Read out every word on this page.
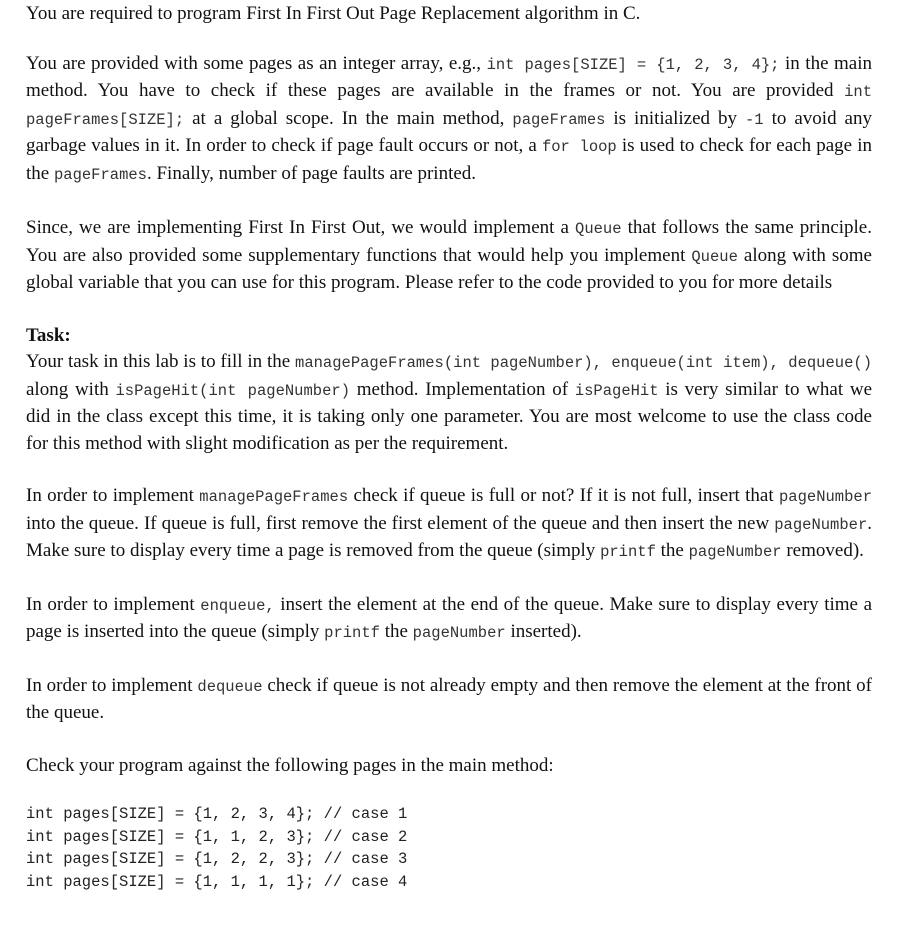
You are required to program First In First Out Page Replacement algorithm in C.

You are provided with some pages as an integer array, e.g., int pages[SIZE] = {1, 2, 3, 4}; in the main method. You have to check if these pages are available in the frames or not. You are provided int pageFrames[SIZE]; at a global scope. In the main method, pageFrames is initialized by -1 to avoid any garbage values in it. In order to check if page fault occurs or not, a for loop is used to check for each page in the pageFrames. Finally, number of page faults are printed.

Since, we are implementing First In First Out, we would implement a Queue that follows the same principle. You are also provided some supplementary functions that would help you implement Queue along with some global variable that you can use for this program. Please refer to the code provided to you for more details

Task:

Your task in this lab is to fill in the managePageFrames(int pageNumber), enqueue(int item), dequeue() along with isPageHit(int pageNumber) method. Implementation of isPageHit is very similar to what we did in the class except this time, it is taking only one parameter. You are most welcome to use the class code for this method with slight modification as per the requirement.

In order to implement managePageFrames check if queue is full or not? If it is not full, insert that pageNumber into the queue. If queue is full, first remove the first element of the queue and then insert the new pageNumber. Make sure to display every time a page is removed from the queue (simply printf the pageNumber removed).

In order to implement enqueue, insert the element at the end of the queue. Make sure to display every time a page is inserted into the queue (simply printf the pageNumber inserted).

In order to implement dequeue check if queue is not already empty and then remove the element at the front of the queue.

Check your program against the following pages in the main method:

int pages[SIZE] = {1, 2, 3, 4}; // case 1
int pages[SIZE] = {1, 1, 2, 3}; // case 2
int pages[SIZE] = {1, 2, 2, 3}; // case 3
int pages[SIZE] = {1, 1, 1, 1}; // case 4
